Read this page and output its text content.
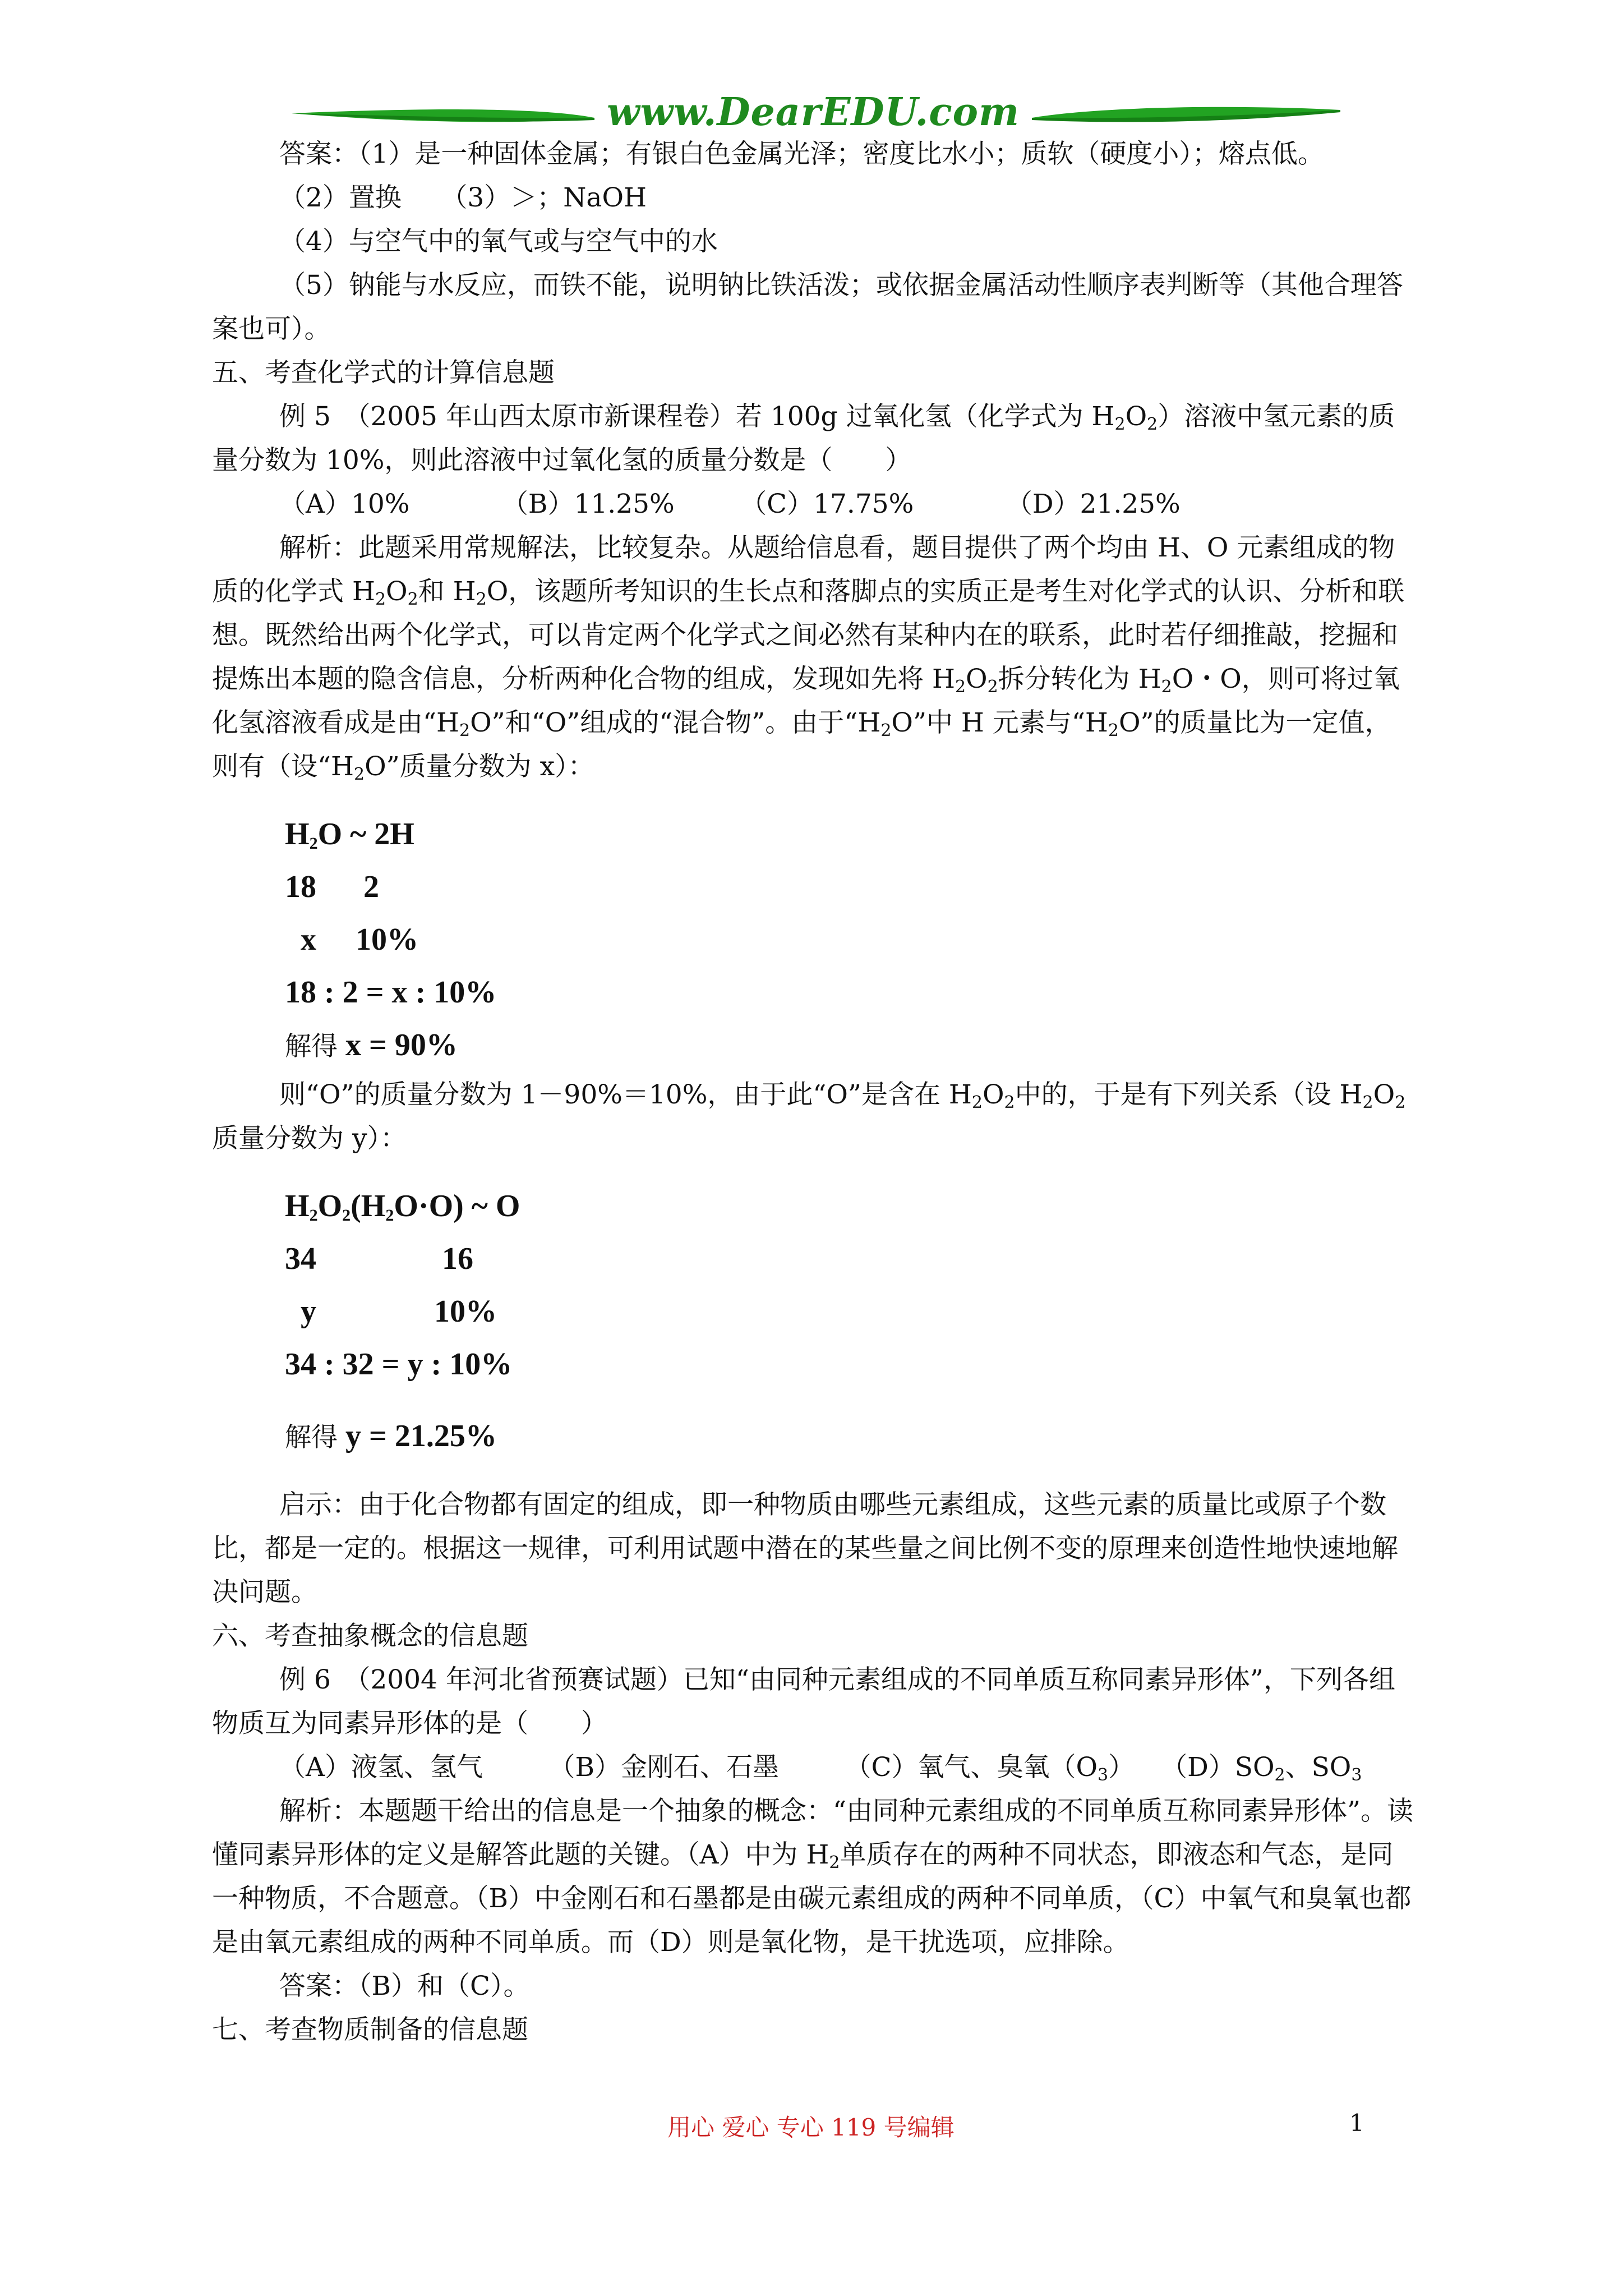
www.DearEDU.com

答案：（1）是一种固体金属；有银白色金属光泽；密度比水小；质软（硬度小）；熔点低。

（2）置换　　（3）＞；NaOH

（4）与空气中的氧气或与空气中的水

（5）钠能与水反应，而铁不能，说明钠比铁活泼；或依据金属活动性顺序表判断等（其他合理答案也可）。

五、考查化学式的计算信息题

例 5　（2005 年山西太原市新课程卷）若 100g 过氧化氢（化学式为 $H_2O_2$）溶液中氢元素的质量分数为 10%，则此溶液中过氧化氢的质量分数是（　　）

（A）10%　　　　（B）11.25%　　　（C）17.75%　　　　（D）21.25%

解析：此题采用常规解法，比较复杂。从题给信息看，题目提供了两个均由 H、O 元素组成的物质的化学式 $H_2O_2$和 $H_2O$，该题所考知识的生长点和落脚点的实质正是考生对化学式的认识、分析和联想。既然给出两个化学式，可以肯定两个化学式之间必然有某种内在的联系，此时若仔细推敲，挖掘和提炼出本题的隐含信息，分析两种化合物的组成，发现如先将 $H_2O_2$拆分转化为 $H_2O$・O，则可将过氧化氢溶液看成是由“$H_2O$”和“O”组成的“混合物”。由于“$H_2O$”中 H 元素与“$H_2O$”的质量比为一定值，则有（设“$H_2O$”质量分数为 x）：

$H_2O$ ~ 2H
18      2
x     10%
18 : 2 = x : 10%
解得 x = 90%

则“O”的质量分数为 1－90%＝10%，由于此“O”是含在 $H_2O_2$中的，于是有下列关系（设 $H_2O_2$质量分数为 y）：

$H_2O_2(H_2O\cdot O)$ ~ O
34                16
y               10%
34 : 32 = y : 10%
解得 y = 21.25%

启示：由于化合物都有固定的组成，即一种物质由哪些元素组成，这些元素的质量比或原子个数比，都是一定的。根据这一规律，可利用试题中潜在的某些量之间比例不变的原理来创造性地快速地解决问题。

六、考查抽象概念的信息题

例 6　（2004 年河北省预赛试题）已知“由同种元素组成的不同单质互称同素异形体”，下列各组物质互为同素异形体的是（　　）

（A）液氢、氢气　　　（B）金刚石、石墨　　　（C）氧气、臭氧$(O_3)$　　$(D)SO_2$、$SO_3$

解析：本题题干给出的信息是一个抽象的概念：“由同种元素组成的不同单质互称同素异形体”。读懂同素异形体的定义是解答此题的关键。（A）中为 $H_2$单质存在的两种不同状态，即液态和气态，是同一种物质，不合题意。（B）中金刚石和石墨都是由碳元素组成的两种不同单质，（C）中氧气和臭氧也都是由氧元素组成的两种不同单质。而（D）则是氧化物，是干扰选项，应排除。

答案：（B）和（C）。

七、考查物质制备的信息题

用心 爱心 专心 119 号编辑	1
